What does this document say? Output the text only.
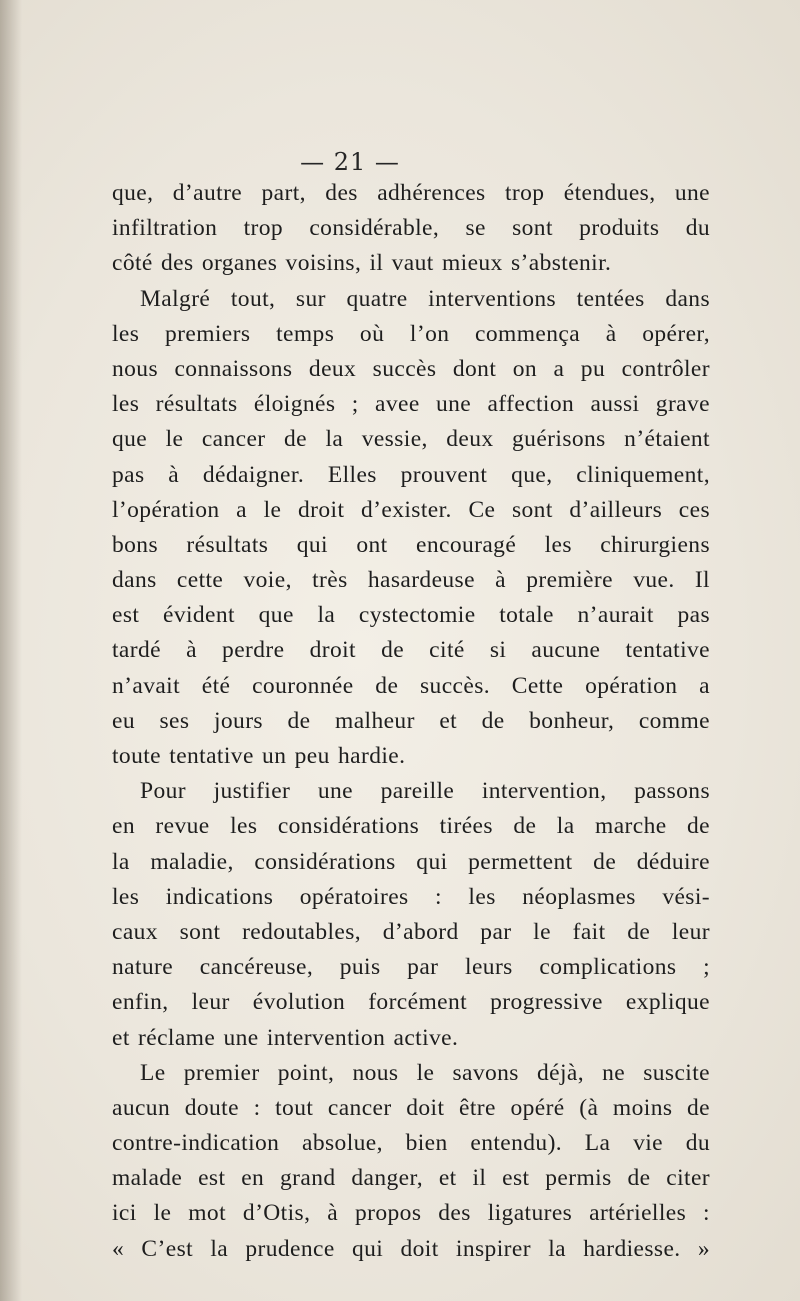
— 21 —
que, d’autre part, des adhérences trop étendues, une
infiltration trop considérable, se sont produits du
côté des organes voisins, il vaut mieux s’abstenir.
Malgré tout, sur quatre interventions tentées dans
les premiers temps où l’on commença à opérer,
nous connaissons deux succès dont on a pu contrôler
les résultats éloignés ; avee une affection aussi grave
que le cancer de la vessie, deux guérisons n’étaient
pas à dédaigner. Elles prouvent que, cliniquement,
l’opération a le droit d’exister. Ce sont d’ailleurs ces
bons résultats qui ont encouragé les chirurgiens
dans cette voie, très hasardeuse à première vue. Il
est évident que la cystectomie totale n’aurait pas
tardé à perdre droit de cité si aucune tentative
n’avait été couronnée de succès. Cette opération a
eu ses jours de malheur et de bonheur, comme
toute tentative un peu hardie.
Pour justifier une pareille intervention, passons
en revue les considérations tirées de la marche de
la maladie, considérations qui permettent de déduire
les indications opératoires : les néoplasmes vési-
caux sont redoutables, d’abord par le fait de leur
nature cancéreuse, puis par leurs complications ;
enfin, leur évolution forcément progressive explique
et réclame une intervention active.
Le premier point, nous le savons déjà, ne suscite
aucun doute : tout cancer doit être opéré (à moins de
contre-indication absolue, bien entendu). La vie du
malade est en grand danger, et il est permis de citer
ici le mot d’Otis, à propos des ligatures artérielles :
« C’est la prudence qui doit inspirer la hardiesse. »
